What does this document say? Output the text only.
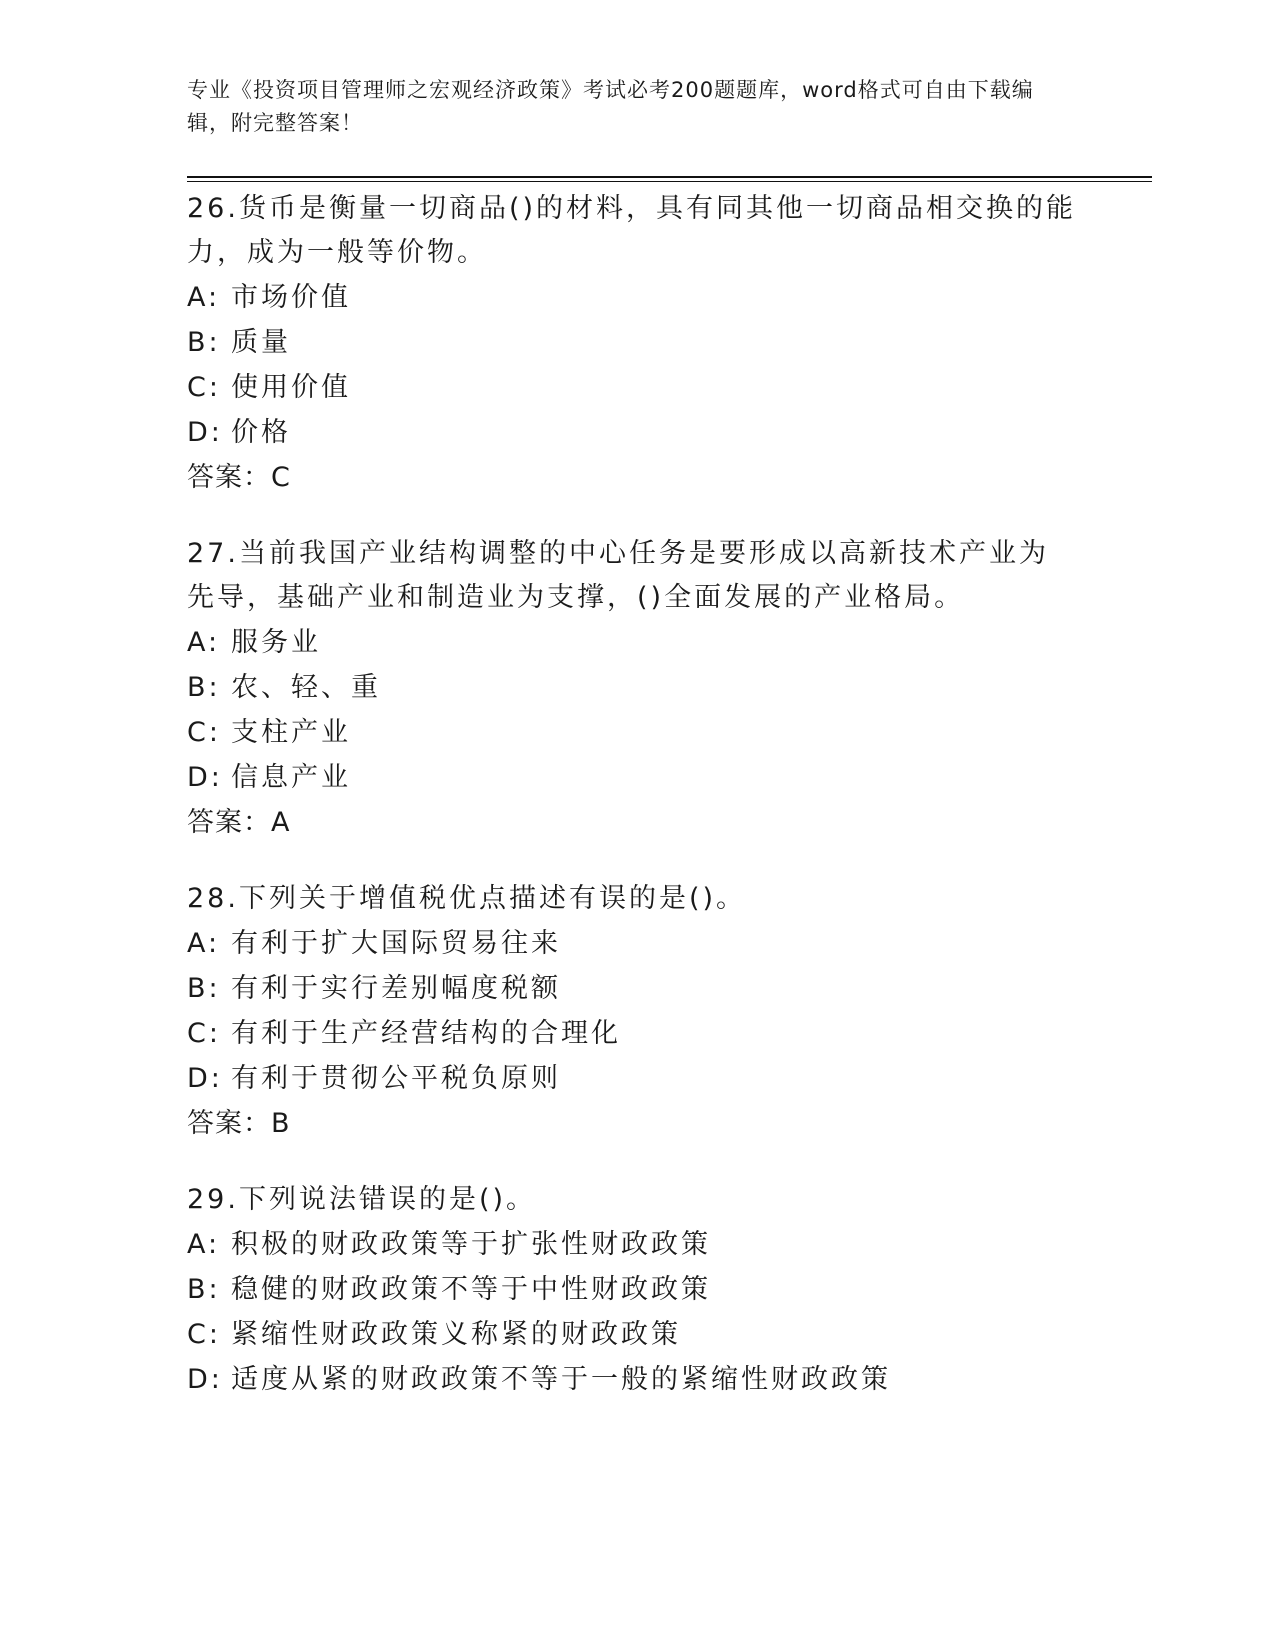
专业《投资项目管理师之宏观经济政策》考试必考200题题库，word格式可自由下载编辑，附完整答案！
26.货币是衡量一切商品()的材料，具有同其他一切商品相交换的能力，成为一般等价物。
A: 市场价值
B: 质量
C: 使用价值
D: 价格
答案：C
27.当前我国产业结构调整的中心任务是要形成以高新技术产业为先导，基础产业和制造业为支撑，()全面发展的产业格局。
A: 服务业
B: 农、轻、重
C: 支柱产业
D: 信息产业
答案：A
28.下列关于增值税优点描述有误的是()。
A: 有利于扩大国际贸易往来
B: 有利于实行差别幅度税额
C: 有利于生产经营结构的合理化
D: 有利于贯彻公平税负原则
答案：B
29.下列说法错误的是()。
A: 积极的财政政策等于扩张性财政政策
B: 稳健的财政政策不等于中性财政政策
C: 紧缩性财政政策义称紧的财政政策
D: 适度从紧的财政政策不等于一般的紧缩性财政政策
